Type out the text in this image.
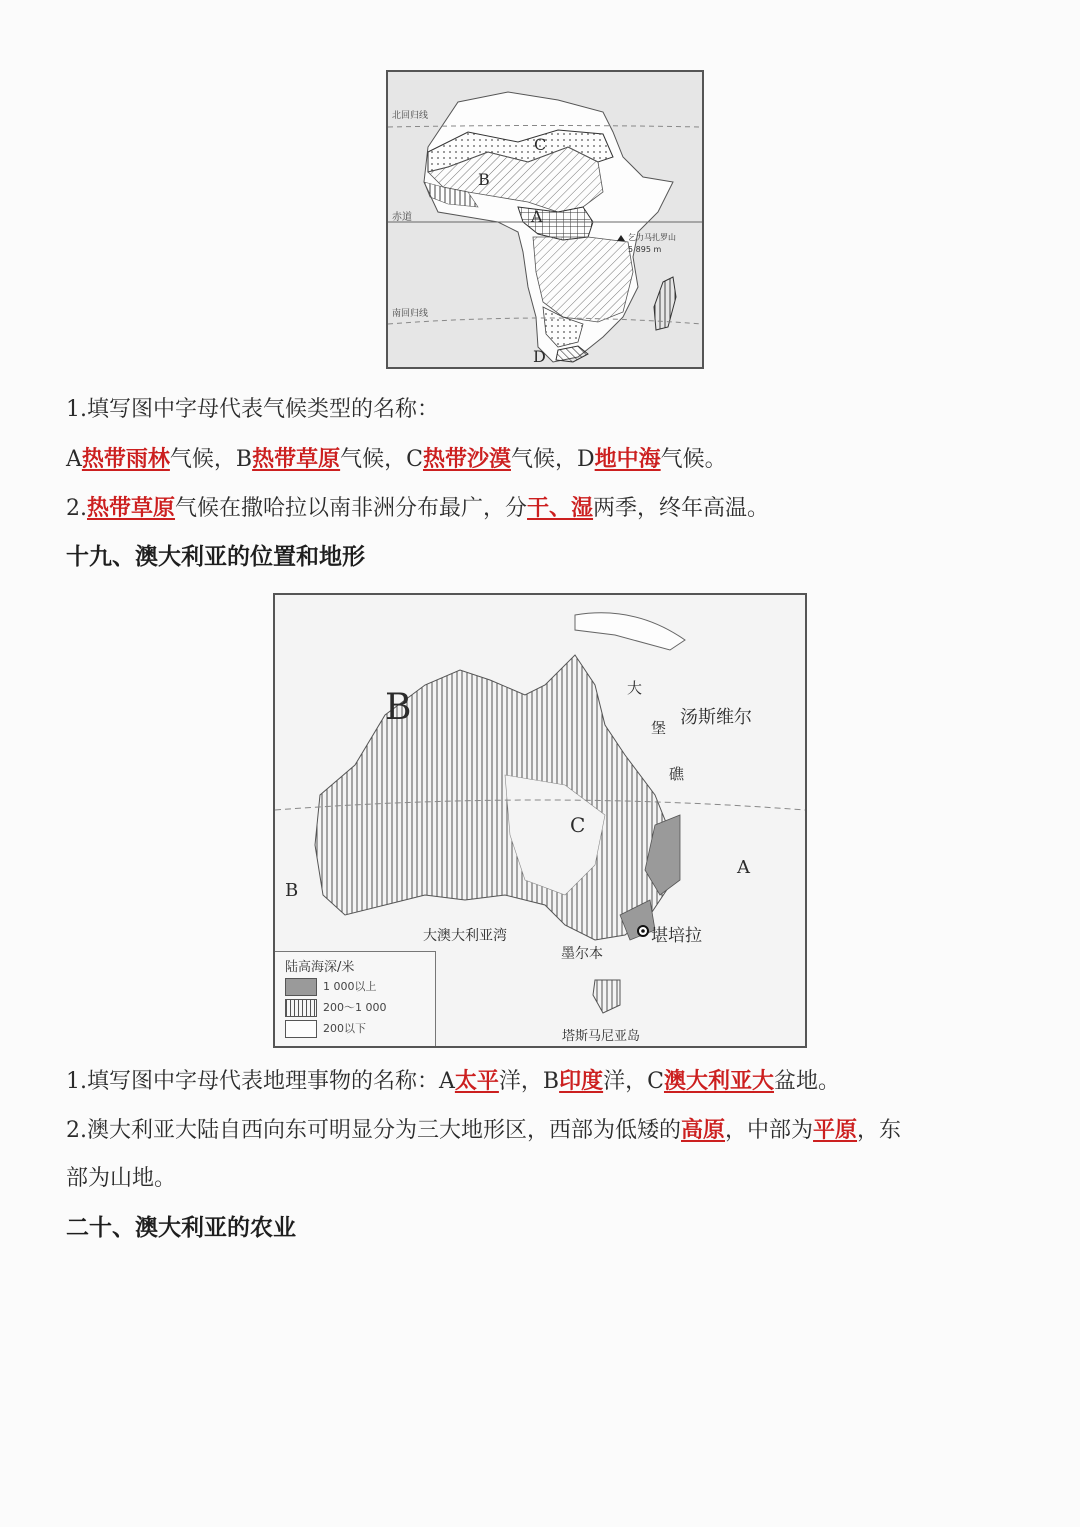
北回归线
赤道
南回归线
乞力马扎罗山
5 895 m
A
B
C
D
1.填写图中字母代表气候类型的名称：
A热带雨林气候，B热带草原气候，C热带沙漠气候，D地中海气候。
2.热带草原气候在撒哈拉以南非洲分布最广，分干、湿两季，终年高温。
十九、澳大利亚的位置和地形
B
B
C
A
大
堡
礁
汤斯维尔
大澳大利亚湾
墨尔本
堪培拉
塔斯马尼亚岛
陆高海深/米
1 000以上
200～1 000
200以下
1.填写图中字母代表地理事物的名称：A太平洋，B印度洋，C澳大利亚大盆地。
2.澳大利亚大陆自西向东可明显分为三大地形区，西部为低矮的高原，中部为平原，东
部为山地。
二十、澳大利亚的农业
